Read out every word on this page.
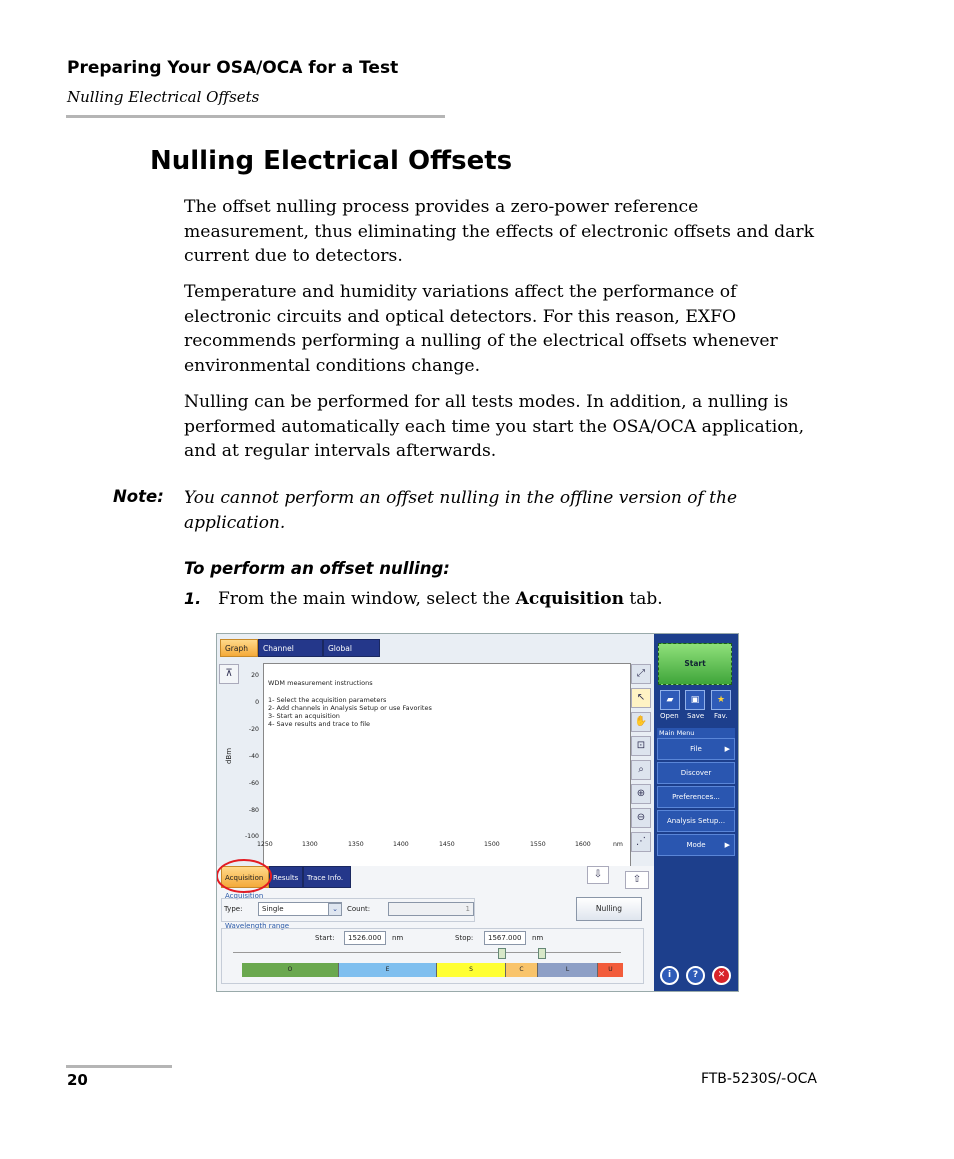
Preparing Your OSA/OCA for a Test
Nulling Electrical Offsets
Nulling Electrical Offsets
The offset nulling process provides a zero-power reference measurement, thus eliminating the effects of electronic offsets and dark current due to detectors.
Temperature and humidity variations affect the performance of electronic circuits and optical detectors. For this reason, EXFO recommends performing a nulling of the electrical offsets whenever environmental conditions change.
Nulling can be performed for all tests modes. In addition, a nulling is performed automatically each time you start the OSA/OCA application, and at regular intervals afterwards.
Note: You cannot perform an offset nulling in the offline version of the application.
To perform an offset nulling:
1. From the main window, select the Acquisition tab.
Graph	Channel	Global
⊼
dBm
20
0
-20
-40
-60
-80
-100
WDM measurement instructions
1- Select the acquisition parameters
2- Add channels in Analysis Setup or use Favorites
3- Start an acquisition
4- Save results and trace to file
1250	1300	1350	1400	1450	1500	1550	1600	nm
⤢
↖
✋
⊡
⌕
⊕
⊖
⋰
Acquisition	Results	Trace Info.	⇩	⇧
Acquisition
Type:	Single	⌄	Count:	1	Nulling
Wavelength range
Start:	1526.000	nm	Stop:	1567.000	nm
O	E	S	C	L	U
Start
▰	▣	★
Open Save Fav.
Main Menu
File	▶
Discover
Preferences...
Analysis Setup...
Mode	▶
i	?	✕
20	FTB-5230S/-OCA
